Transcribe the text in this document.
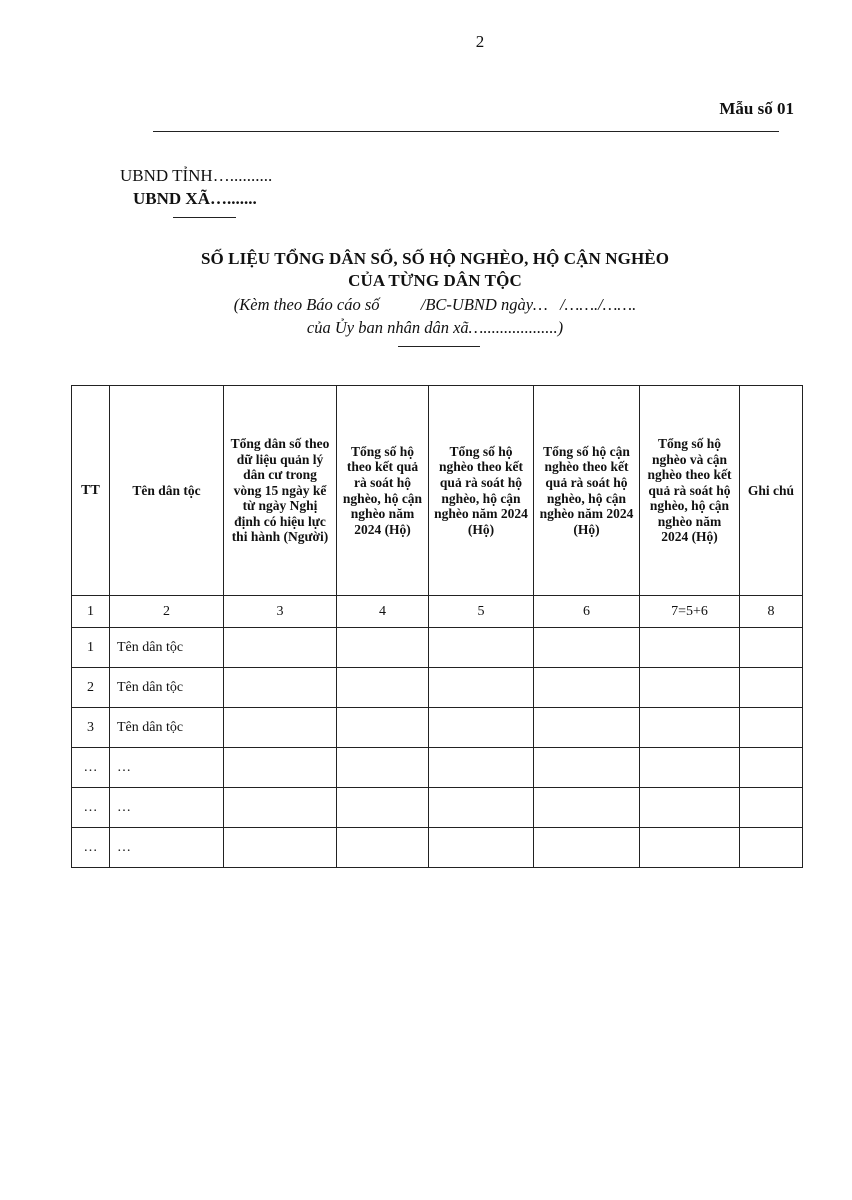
2
Mẫu số 01
UBND TỈNH…..........
UBND XÃ….......
SỐ LIỆU TỔNG DÂN SỐ, SỐ HỘ NGHÈO, HỘ CẬN NGHÈO
CỦA TỪNG DÂN TỘC
(Kèm theo Báo cáo số          /BC-UBND ngày…   /……./…….
của Ủy ban nhân dân xã…..................)
TT	Tên dân tộc	Tổng dân số theo dữ liệu quản lý dân cư trong vòng 15 ngày kể từ ngày Nghị định có hiệu lực thi hành (Người)	Tổng số hộ theo kết quả rà soát hộ nghèo, hộ cận nghèo năm 2024 (Hộ)	Tổng số hộ nghèo theo kết quả rà soát hộ nghèo, hộ cận nghèo năm 2024 (Hộ)	Tổng số hộ cận nghèo theo kết quả rà soát hộ nghèo, hộ cận nghèo năm 2024 (Hộ)	Tổng số hộ nghèo và cận nghèo theo kết quả rà soát hộ nghèo, hộ cận nghèo năm 2024 (Hộ)	Ghi chú
1	2	3	4	5	6	7=5+6	8
1	Tên dân tộc						
2	Tên dân tộc						
3	Tên dân tộc						
…	…						
…	…						
…	…						
